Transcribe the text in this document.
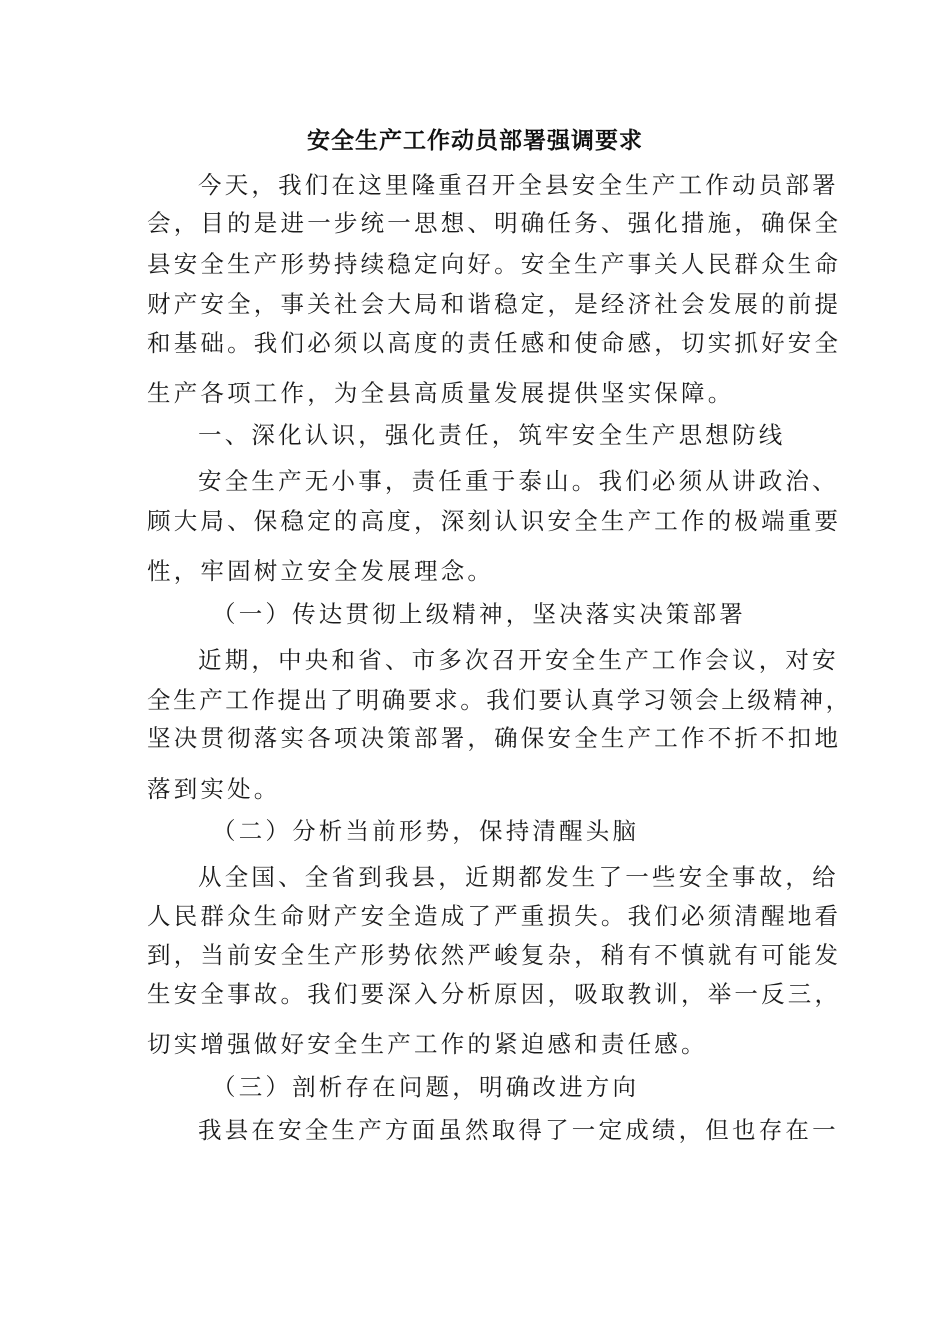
安全生产工作动员部署强调要求
今天，我们在这里隆重召开全县安全生产工作动员部署
会，目的是进一步统一思想、明确任务、强化措施，确保全
县安全生产形势持续稳定向好。安全生产事关人民群众生命
财产安全，事关社会大局和谐稳定，是经济社会发展的前提
和基础。我们必须以高度的责任感和使命感，切实抓好安全
生产各项工作，为全县高质量发展提供坚实保障。
一、深化认识，强化责任，筑牢安全生产思想防线
安全生产无小事，责任重于泰山。我们必须从讲政治、
顾大局、保稳定的高度，深刻认识安全生产工作的极端重要
性，牢固树立安全发展理念。
（一）传达贯彻上级精神，坚决落实决策部署
近期，中央和省、市多次召开安全生产工作会议，对安
全生产工作提出了明确要求。我们要认真学习领会上级精神，
坚决贯彻落实各项决策部署，确保安全生产工作不折不扣地
落到实处。
（二）分析当前形势，保持清醒头脑
从全国、全省到我县，近期都发生了一些安全事故，给
人民群众生命财产安全造成了严重损失。我们必须清醒地看
到，当前安全生产形势依然严峻复杂，稍有不慎就有可能发
生安全事故。我们要深入分析原因，吸取教训，举一反三，
切实增强做好安全生产工作的紧迫感和责任感。
（三）剖析存在问题，明确改进方向
我县在安全生产方面虽然取得了一定成绩，但也存在一
